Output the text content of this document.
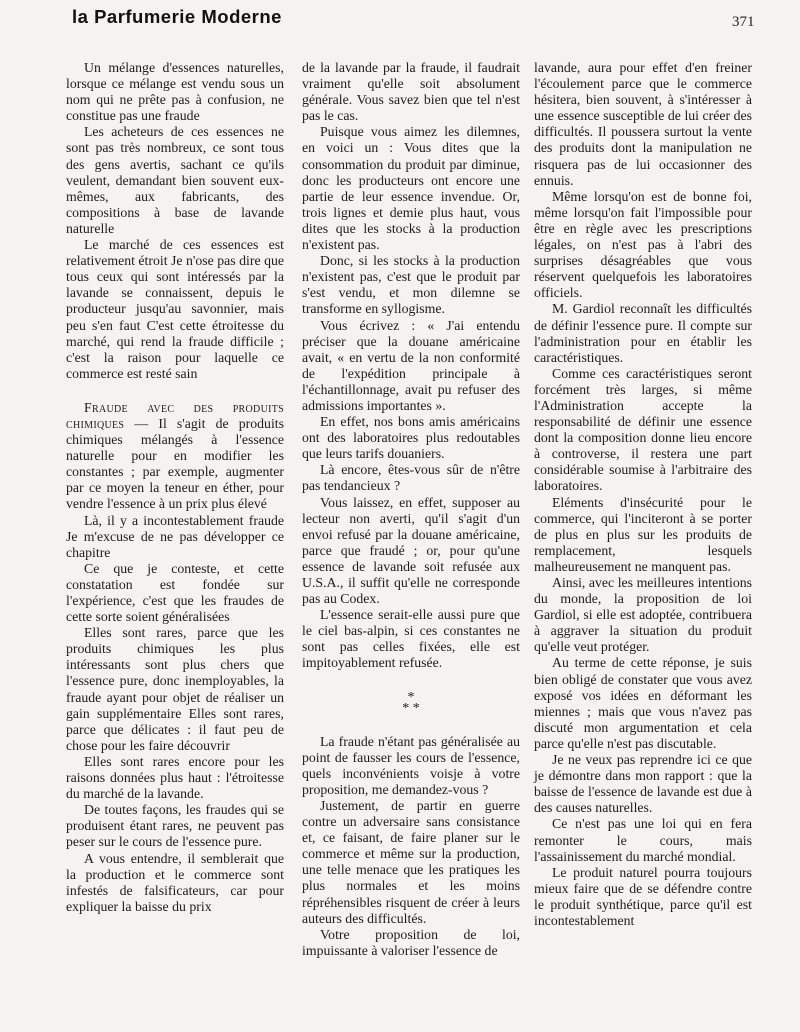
la Parfumerie Moderne	371

Un mélange d'essences naturelles, lorsque ce mélange est vendu sous un nom qui ne prête pas à confusion, ne constitue pas une fraude

Les acheteurs de ces essences ne sont pas très nombreux, ce sont tous des gens avertis, sachant ce qu'ils veulent, demandant bien souvent eux-mêmes, aux fabricants, des compositions à base de lavande naturelle

Le marché de ces essences est relativement étroit Je n'ose pas dire que tous ceux qui sont intéressés par la lavande se connaissent, depuis le producteur jusqu'au savonnier, mais peu s'en faut C'est cette étroitesse du marché, qui rend la fraude difficile ; c'est la raison pour laquelle ce commerce est resté sain

Fraude avec des produits chimiques — Il s'agit de produits chimiques mélangés à l'essence naturelle pour en modifier les constantes ; par exemple, augmenter par ce moyen la teneur en éther, pour vendre l'essence à un prix plus élevé

Là, il y a incontestablement fraude Je m'excuse de ne pas développer ce chapitre

Ce que je conteste, et cette constatation est fondée sur l'expérience, c'est que les fraudes de cette sorte soient généralisées

Elles sont rares, parce que les produits chimiques les plus intéressants sont plus chers que l'essence pure, donc inemployables, la fraude ayant pour objet de réaliser un gain supplémentaire Elles sont rares, parce que délicates : il faut peu de chose pour les faire découvrir

Elles sont rares encore pour les raisons données plus haut : l'étroitesse du marché de la lavande.

De toutes façons, les fraudes qui se produisent étant rares, ne peuvent pas peser sur le cours de l'essence pure.

A vous entendre, il semblerait que la production et le commerce sont infestés de falsificateurs, car pour expliquer la baisse du prix

de la lavande par la fraude, il faudrait vraiment qu'elle soit absolument générale. Vous savez bien que tel n'est pas le cas.

Puisque vous aimez les dilemnes, en voici un : Vous dites que la consommation du produit par diminue, donc les producteurs ont encore une partie de leur essence invendue. Or, trois lignes et demie plus haut, vous dites que les stocks à la production n'existent pas.

Donc, si les stocks à la production n'existent pas, c'est que le produit par s'est vendu, et mon dilemne se transforme en syllogisme.

Vous écrivez : « J'ai entendu préciser que la douane américaine avait, « en vertu de la non conformité de l'expédition principale à l'échantillonnage, avait pu refuser des admissions importantes ».

En effet, nos bons amis américains ont des laboratoires plus redoutables que leurs tarifs douaniers.

Là encore, êtes-vous sûr de n'être pas tendancieux ?

Vous laissez, en effet, supposer au lecteur non averti, qu'il s'agit d'un envoi refusé par la douane américaine, parce que fraudé ; or, pour qu'une essence de lavande soit refusée aux U.S.A., il suffit qu'elle ne corresponde pas au Codex.

L'essence serait-elle aussi pure que le ciel bas-alpin, si ces constantes ne sont pas celles fixées, elle est impitoyablement refusée.

*
* *

La fraude n'étant pas généralisée au point de fausser les cours de l'essence, quels inconvénients voisje à votre proposition, me demandez-vous ?

Justement, de partir en guerre contre un adversaire sans consistance et, ce faisant, de faire planer sur le commerce et même sur la production, une telle menace que les pratiques les plus normales et les moins répréhensibles risquent de créer à leurs auteurs des difficultés.

Votre proposition de loi, impuissante à valoriser l'essence de

lavande, aura pour effet d'en freiner l'écoulement parce que le commerce hésitera, bien souvent, à s'intéresser à une essence susceptible de lui créer des difficultés. Il poussera surtout la vente des produits dont la manipulation ne risquera pas de lui occasionner des ennuis.

Même lorsqu'on est de bonne foi, même lorsqu'on fait l'impossible pour être en règle avec les prescriptions légales, on n'est pas à l'abri des surprises désagréables que vous réservent quelquefois les laboratoires officiels.

M. Gardiol reconnaît les difficultés de définir l'essence pure. Il compte sur l'administration pour en établir les caractéristiques.

Comme ces caractéristiques seront forcément très larges, si même l'Administration accepte la responsabilité de définir une essence dont la composition donne lieu encore à controverse, il restera une part considérable soumise à l'arbitraire des laboratoires.

Eléments d'insécurité pour le commerce, qui l'inciteront à se porter de plus en plus sur les produits de remplacement, lesquels malheureusement ne manquent pas.

Ainsi, avec les meilleures intentions du monde, la proposition de loi Gardiol, si elle est adoptée, contribuera à aggraver la situation du produit qu'elle veut protéger.

Au terme de cette réponse, je suis bien obligé de constater que vous avez exposé vos idées en déformant les miennes ; mais que vous n'avez pas discuté mon argumentation et cela parce qu'elle n'est pas discutable.

Je ne veux pas reprendre ici ce que je démontre dans mon rapport : que la baisse de l'essence de lavande est due à des causes naturelles.

Ce n'est pas une loi qui en fera remonter le cours, mais l'assainissement du marché mondial.

Le produit naturel pourra toujours mieux faire que de se défendre contre le produit synthétique, parce qu'il est incontestablement
